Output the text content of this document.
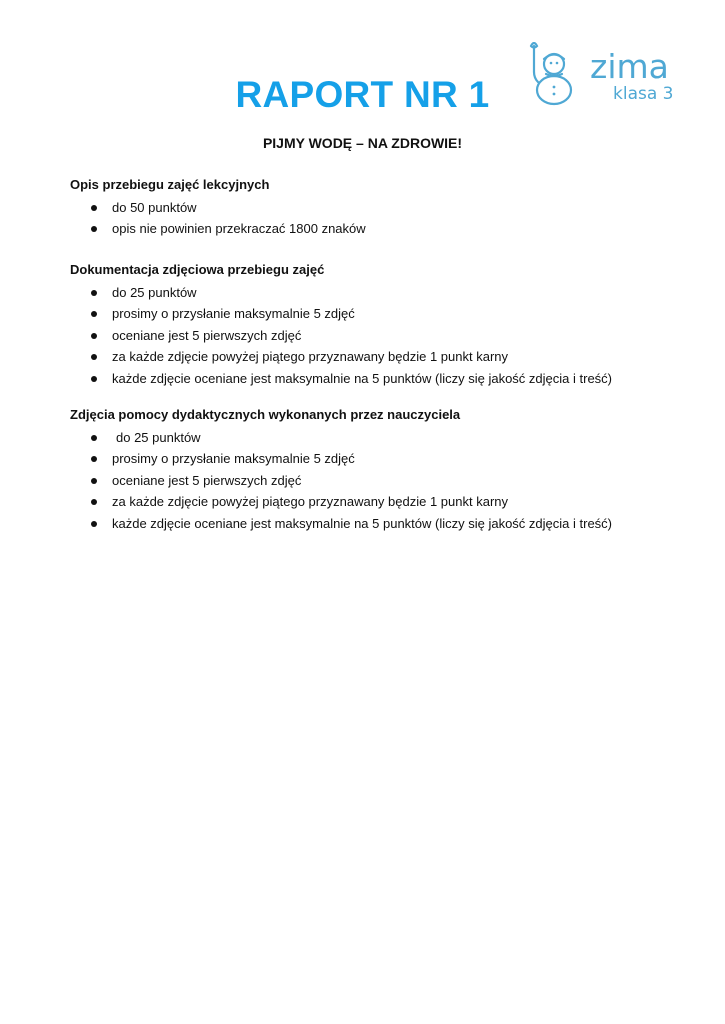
RAPORT NR 1

PIJMY WODĘ – NA ZDROWIE!

zima
klasa 3
Opis przebiegu zajęć lekcyjnych
do 50 punktów
opis nie powinien przekraczać 1800 znaków
Dokumentacja zdjęciowa przebiegu zajęć
do 25 punktów
prosimy o przysłanie maksymalnie 5 zdjęć
oceniane jest 5 pierwszych zdjęć
za każde zdjęcie powyżej piątego przyznawany będzie 1 punkt karny
każde zdjęcie oceniane jest maksymalnie na 5 punktów (liczy się jakość zdjęcia i treść)
Zdjęcia pomocy dydaktycznych wykonanych przez nauczyciela
do 25 punktów
prosimy o przysłanie maksymalnie 5 zdjęć
oceniane jest 5 pierwszych zdjęć
za każde zdjęcie powyżej piątego przyznawany będzie 1 punkt karny
każde zdjęcie oceniane jest maksymalnie na 5 punktów (liczy się jakość zdjęcia i treść)
